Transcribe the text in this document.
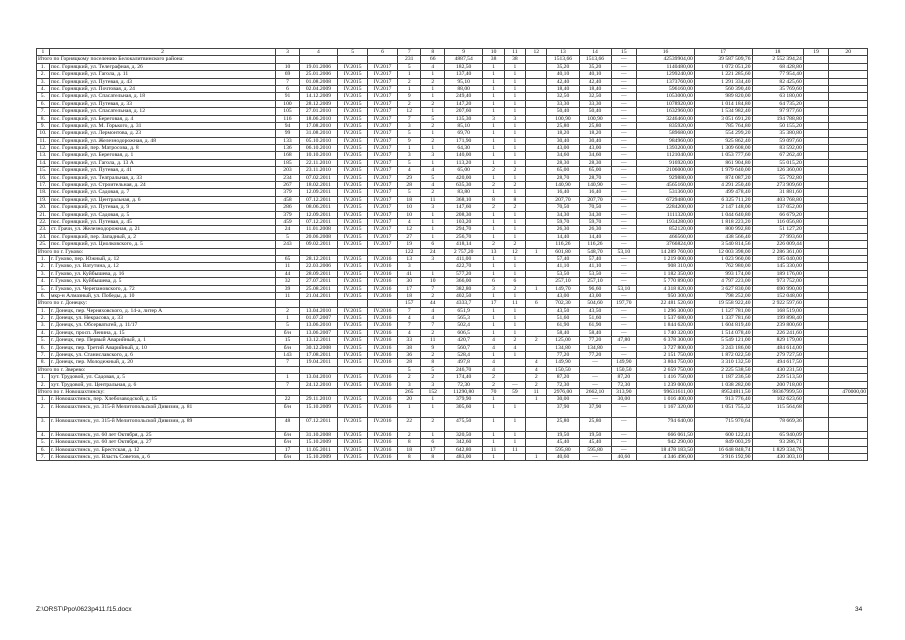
1	2	3	4	5	6	7	8	9	10	11	12	13	14	15	16	17	18	19	20
Итого по Горняцкому поселению Белокалитвинского района:						231	66	4887,54	38	38		1513,66	1513,66	—	42539904,00	39 587 509,76	2 552 394,24		
1.	пос. Горняцкий, ул. Телеграфная, д. 26	10	19.01.2006	IV.2015	IV.2017	5	4	182,50	1	1		35,20	35,20	—	1140480,00	1 072 051,20	68 428,80		
2.	пос. Горняцкий, ул. Гагола, д. 11	69	25.01.2006	IV.2015	IV.2017	1	1	137,40	1	1		40,10	40,10	—	1299240,00	1 221 285,60	77 954,40		
3.	пос. Горняцкий, ул. Путевая, д. 43	7	01.08.2008	IV.2015	IV.2017	2	2	95,10	1	1		42,40	42,40	—	1373760,00	1 291 334,40	82 425,60		
4.	пос. Горняцкий, ул. Почтовая, д. 24	6	02.04.2009	IV.2015	IV.2017	1	1	88,00	1	1		18,40	18,40	—	596160,00	560 390,40	35 769,60		
5.	пос. Горняцкий, ул. Спасательная, д. 18	91	14.12.2009	IV.2015	IV.2017	9	1	249,40	1	1		32,50	32,50	—	1053000,00	989 820,00	63 180,00		
6.	пос. Горняцкий, ул. Путевая, д. 33	100	28.12.2009	IV.2015	IV.2017	2	2	147,20	1	1		33,30	33,30	—	1078920,00	1 014 184,80	64 735,20		
7.	пос. Горняцкий, ул. Спасательная, д. 12	105	27.01.2010	IV.2015	IV.2017	12	1	207,60	1	1		50,40	50,40	—	1632960,00	1 534 982,40	97 977,60		
8.	пос. Горняцкий, ул. Береговая, д. 4	116	18.06.2010	IV.2015	IV.2017	7	5	135,30	3	3		100,90	100,90	—	3246460,00	3 051 691,20	194 788,80		
9.	пос. Горняцкий, ул. М. Горького, д. 31	94	17.08.2010	IV.2015	IV.2017	3	2	85,10	1	1		25,80	25,80	—	835920,00	785 764,80	50 155,20		
10.	пос. Горняцкий, ул. Лермонтова, д. 23	99	31.08.2010	IV.2015	IV.2017	5	1	69,70	1	1		18,20	18,20	—	589680,00	554 299,20	35 380,80		
11.	пос. Горняцкий, ул. Железнодорожная, д. 48	133	05.10.2010	IV.2015	IV.2017	9	2	171,90	1	1		30,40	30,40	—	984960,00	925 862,40	59 097,60		
12.	пос. Горняцкий, пер. Матросова, д. 8	136	06.10.2010	IV.2015	IV.2017	1	1	64,30	1	1		43,00	43,00	—	1393200,00	1 309 608,00	83 592,00		
13.	пос. Горняцкий, ул. Береговая, д. 1	168	10.10.2010	IV.2015	IV.2017	3	3	140,00	1	1		34,60	34,60	—	1121040,00	1 053 777,60	67 262,40		
14.	пос. Горняцкий, ул. Гагола, д. 13 А	185	22.11.2010	IV.2015	IV.2017	5	1	113,20	1	1		28,30	28,30	—	916920,00	861 904,80	55 015,20		
15.	пос. Горняцкий, ул. Путевая, д. 41	203	23.11.2010	IV.2015	IV.2017	4	4	65,00	2	2		65,00	65,00	—	2106000,00	1 979 640,00	126 360,00		
16.	пос. Горняцкий, ул. Театральная, д. 33	234	07.02.2011	IV.2015	IV.2017	29	5	420,00	1	1		28,70	28,70	—	929880,00	874 087,20	55 792,80		
17.	пос. Горняцкий, ул. Строительная, д. 24	267	18.02.2011	IV.2015	IV.2017	28	4	635,30	2	2		140,90	140,90	—	4565160,00	4 291 250,40	273 909,60		
18.	пос. Горняцкий, ул. Садовая, д. 7	379	12.09.2011	IV.2015	IV.2017	5	2	83,80	1	1		16,40	16,40	—	531360,00	499 478,40	31 881,60		
19.	пос. Горняцкий, ул. Центральная, д. 6	458	07.12.2011	IV.2015	IV.2017	18	11	368,10	8	8		207,70	207,70	—	6729480,00	6 325 711,20	403 768,80		
20.	пос. Горняцкий, ул. Путевая, д. 9	286	08.06.2011	IV.2015	IV.2017	10	3	147,60	2	2		70,50	70,50	—	2284200,00	2 147 148,00	137 052,00		
21.	пос. Горняцкий, ул. Садовая, д. 5	379	12.09.2011	IV.2015	IV.2017	10	1	208,30	1	1		34,30	34,30	—	1111320,00	1 044 640,80	66 679,20		
22.	пос. Горняцкий, ул. Путевая, д. 45	459	07.12.2011	IV.2015	IV.2017	4	1	103,20	1	1		59,70	59,70	—	1934280,00	1 818 223,20	116 056,80		
23.	ст. Грачи, ул. Железнодорожная, д. 21	24	11.01.2008	IV.2015	IV.2017	12	1	294,70	1	1		26,30	26,30	—	852120,00	800 992,80	51 127,20		
24.	пос. Горняцкий, пер. Западный, д. 2	5	20.06.2008	IV.2015	IV.2017	27	1	256,70	1	1		14,40	14,40	—	466560,00	438 566,40	27 993,60		
25.	пос. Горняцкий, ул. Циолковского, д. 5	243	09.02.2011	IV.2015	IV.2017	19	6	418,14	2	2		116,26	116,26	—	3766824,00	3 540 814,56	226 009,44		
Итого по г. Гуково:						122	24	2 757,20	13	12	1	601,80	548,70	53,10	14 289 760,00	12 003 398,00	2 286 361,00		
1.	г. Гуково, пер. Южный, д. 12	65	28.12.2011	IV.2015	IV.2016	13	3	411,00	1	1		57,40	57,40	—	1 219 000,00	1 023 960,00	195 040,00		
2.	г. Гуково, ул. Ватутина, д. 12	11	22.03.2006	IV.2015	IV.2016	3		422,70	1	1		41,10	41,10	—	908 310,00	762 980,00	145 330,00		
3.	г. Гуково, ул. Куйбышева, д. 16	44	28.09.2011	IV.2015	IV.2016	41	1	577,20	1	1		53,50	53,50	—	1 182 350,00	993 174,00	189 176,00		
4.	г. Гуково, ул. Куйбышева, д. 5	32	27.07.2011	IV.2015	IV.2016	30	10	366,00	6	6		257,10	257,10	—	5 770 890,00	4 797 223,00	973 752,00		
5.	г. Гуково, ул. Черепановского, д. 72	39	25.08.2011	IV.2015	IV.2016	17	7	382,80	3	2	1	149,70	96,60	53,10	4 318 820,00	3 627 830,00	690 990,00		
6.	мкр-н Алмазный, ул. Победы, д. 10	11	21.04.2011	IV.2015	IV.2016	18	2	402,50	1	1		43,00	43,00	—	950 300,00	798 252,00	152 048,00		
Итого по г. Донецку:						157	44	4333,7	17	11	6	702,30	504,60	197,70	22 481 520,60	19 558 922,40	2 922 597,60		
1.	г. Донецк, пер. Черняховского, д. 14-а, литер А	2	13.04.2010	IV.2015	IV.2016	7	4	651,9	1	1		43,50	43,50	—	1 296 300,00	1 127 781,00	168 519,00		
2.	г. Донецк, ул. Некрасова, д. 33	1	01.07.2007	IV.2015	IV.2016	4	4	565,3	1	1		51,60	51,60	—	1 537 680,00	1 337 781,60	199 898,40		
3.	г. Донецк, ул. Обсерватьтей, д. 11/17	5	13.06.2010	IV.2015	IV.2016	7	7	502,4	1	1		61,90	61,90	—	1 844 620,00	1 604 819,40	239 800,60		
4.	г. Донецк, просп. Ленина, д. 15	б/н	13.06.2007	IV.2015	IV.2016	4	2	606,5	1	1		58,40	58,40	—	1 740 320,00	1 514 078,40	226 241,60		
5.	г. Донецк, пер. Первый Аварийный, д. 1	15	13.12.2011	IV.2015	IV.2016	33	11	420,7	4	2	2	125,00	77,20	47,80	6 378 300,00	5 549 121,00	829 179,00		
6.	г. Донецк, пер. Третий Аварийный, д. 10	б/н	30.12.2008	IV.2015	IV.2016	38	9	560,7	4	4		134,80	134,80	—	3 727 800,00	3 243 186,00	484 614,00		
7.	г. Донецк, ул. Станиславского, д. 6	143	17.08.2011	IV.2015	IV.2016	36	2	528,4	1	1		77,20	77,20	—	2 151 750,00	1 872 022,50	279 727,50		
8.	г. Донецк, пер. Молодежный, д. 20	7	19.04.2011	IV.2015	IV.2016	28	8	497,8	4		4	149,90	—	149,90	3 804 750,00	3 310 132,50	494 617,50		
Итого по г. Зверево:						5	5	246,70	4		4	150,50		150,50	2 659 750,00	2 225 538,50	430 231,50		
1.	хут. Трудовой, ул. Садовая, д. 5	1	13.04.2010	IV.2015	IV.2016	2	2	174,40	2		2	87,20	—	87,20	1 416 750,00	1 187 236,50	229 513,50		
2.	хут. Трудовой, ул. Центральная, д. 6	7	24.12.2010	IV.2015	IV.2016	3	3	72,30	2	—	2	72,30	—	72,30	1 239 000,00	1 038 282,00	200 718,00		
Итого по г. Новошахтинску:						265	152	11290,80	70	59	11	2976,00	2662,10	313,90	99631611,00	89524811,50	98367999,50		470000,00
1.	г. Новошахтинск, пер. Хлебозаводской, д. 15	22	29.11.2010	IV.2015	IV.2016	20	1	379,90	1		1	30,00	—	30,00	1 016 400,00	913 776,40	102 623,60		
2.	г. Новошахтинск, ул. 315-й Мелитопольской Дивизии, д. 81	б/н	15.10.2009	IV.2015	IV.2016	1	1	305,60	1	1		37,90	37,90	—	1 167 320,00	1 051 755,32	115 564,68		
3.	г. Новошахтинск, ул. 315-й Мелитопольской Дивизии, д. 89	48	07.12.2011	IV.2015	IV.2016	22	2	475,50	1	1		25,80	25,80	—	794 640,00	715 970,64	78 669,36		
4.	г. Новошахтинск, ул. 60 лет Октября, д. 25	б/н	31.10.2008	IV.2015	IV.2016	2	1	320,50	1	1		19,50	19,50	—	666 061,50	600 122,41	65 940,09		
5.	г. Новошахтинск, ул. 60 лет Октября, д. 27	б/н	15.10.2009	IV.2015	IV.2016	8	6	342,60	1	1		45,40	45,40	—	942 290,00	849 003,29	93 286,71		
6.	г. Новошахтинск, ул. Брестская, д. 12	17	11.05.2011	IV.2015	IV.2016	18	17	642,80	11	11		595,80	595,80	—	18 478 183,50	16 648 848,74	1 829 334,76		
7.	г. Новошахтинск, ул. Власть Советов, д. 6	б/н	15.10.2009	IV.2015	IV.2016	8	8	483,00	1		1	40,60	—	40,60	4 346 496,00	3 916 192,90	430 303,10		
Z:\ORST\Ppo\0623p411.f15.docx	34
